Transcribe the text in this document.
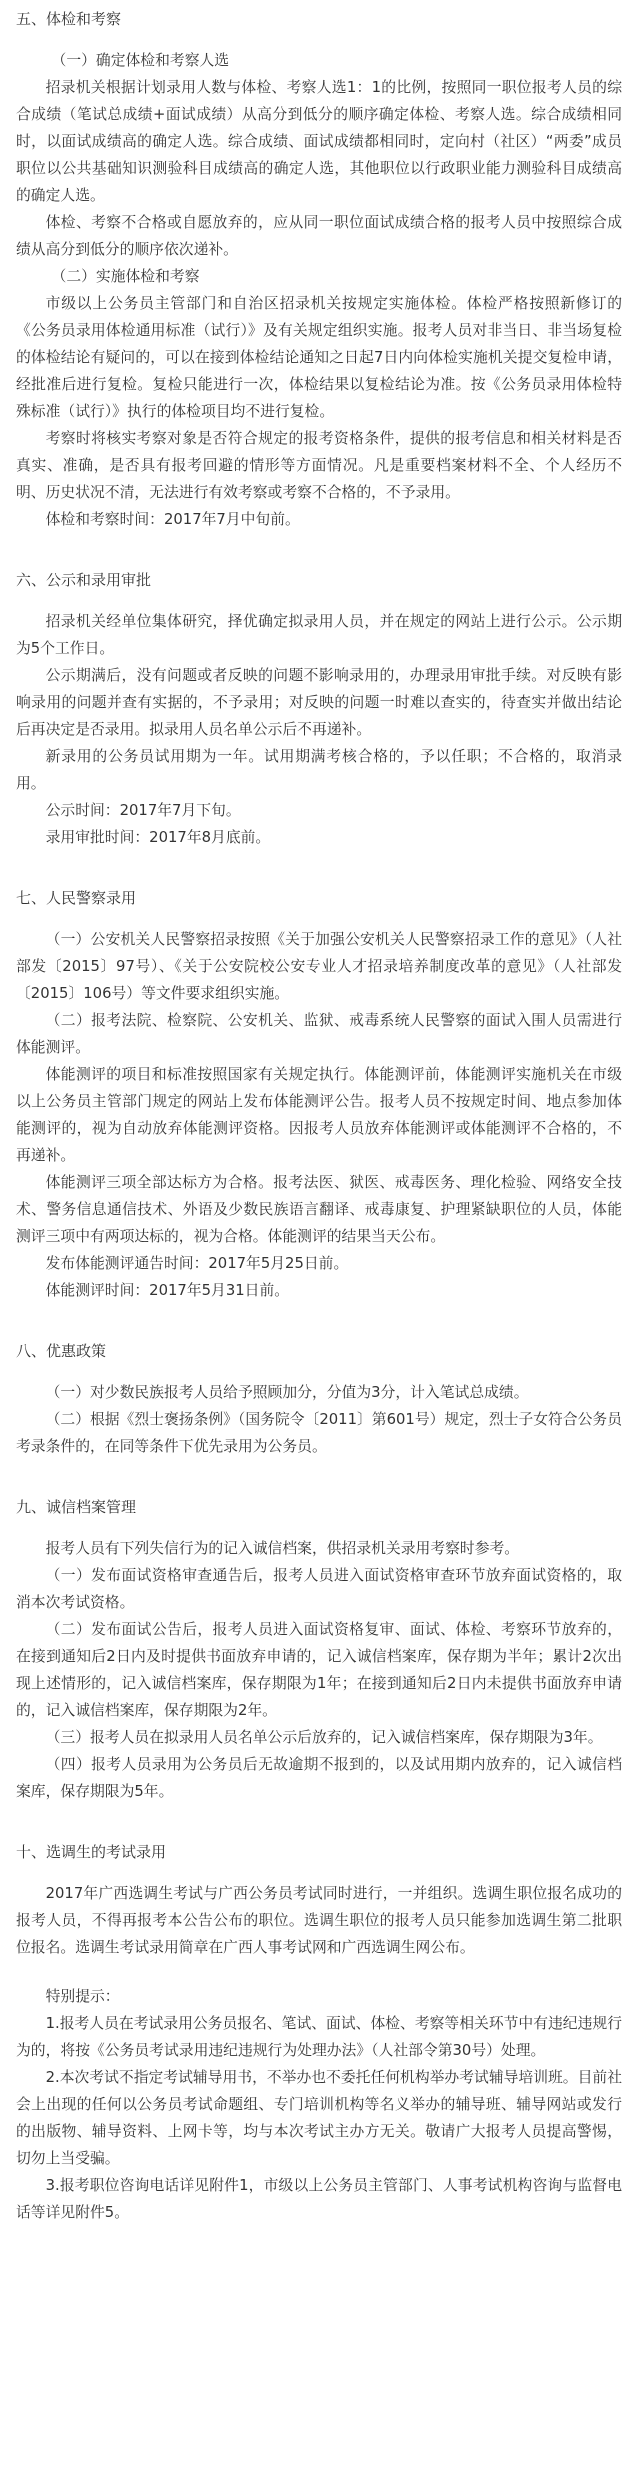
五、体检和考察
（一）确定体检和考察人选
招录机关根据计划录用人数与体检、考察人选1：1的比例，按照同一职位报考人员的综合成绩（笔试总成绩+面试成绩）从高分到低分的顺序确定体检、考察人选。综合成绩相同时，以面试成绩高的确定人选。综合成绩、面试成绩都相同时，定向村（社区）“两委”成员职位以公共基础知识测验科目成绩高的确定人选，其他职位以行政职业能力测验科目成绩高的确定人选。
体检、考察不合格或自愿放弃的，应从同一职位面试成绩合格的报考人员中按照综合成绩从高分到低分的顺序依次递补。
（二）实施体检和考察
市级以上公务员主管部门和自治区招录机关按规定实施体检。体检严格按照新修订的《公务员录用体检通用标准（试行）》及有关规定组织实施。报考人员对非当日、非当场复检的体检结论有疑问的，可以在接到体检结论通知之日起7日内向体检实施机关提交复检申请，经批准后进行复检。复检只能进行一次，体检结果以复检结论为准。按《公务员录用体检特殊标准（试行）》执行的体检项目均不进行复检。
考察时将核实考察对象是否符合规定的报考资格条件，提供的报考信息和相关材料是否真实、准确，是否具有报考回避的情形等方面情况。凡是重要档案材料不全、个人经历不明、历史状况不清，无法进行有效考察或考察不合格的，不予录用。
体检和考察时间：2017年7月中旬前。
六、公示和录用审批
招录机关经单位集体研究，择优确定拟录用人员，并在规定的网站上进行公示。公示期为5个工作日。
公示期满后，没有问题或者反映的问题不影响录用的，办理录用审批手续。对反映有影响录用的问题并查有实据的，不予录用；对反映的问题一时难以查实的，待查实并做出结论后再决定是否录用。拟录用人员名单公示后不再递补。
新录用的公务员试用期为一年。试用期满考核合格的，予以任职；不合格的，取消录用。
公示时间：2017年7月下旬。
录用审批时间：2017年8月底前。
七、人民警察录用
（一）公安机关人民警察招录按照《关于加强公安机关人民警察招录工作的意见》（人社部发〔2015〕97号）、《关于公安院校公安专业人才招录培养制度改革的意见》（人社部发〔2015〕106号）等文件要求组织实施。
（二）报考法院、检察院、公安机关、监狱、戒毒系统人民警察的面试入围人员需进行体能测评。
体能测评的项目和标准按照国家有关规定执行。体能测评前，体能测评实施机关在市级以上公务员主管部门规定的网站上发布体能测评公告。报考人员不按规定时间、地点参加体能测评的，视为自动放弃体能测评资格。因报考人员放弃体能测评或体能测评不合格的，不再递补。
体能测评三项全部达标方为合格。报考法医、狱医、戒毒医务、理化检验、网络安全技术、警务信息通信技术、外语及少数民族语言翻译、戒毒康复、护理紧缺职位的人员，体能测评三项中有两项达标的，视为合格。体能测评的结果当天公布。
发布体能测评通告时间：2017年5月25日前。
体能测评时间：2017年5月31日前。
八、优惠政策
（一）对少数民族报考人员给予照顾加分，分值为3分，计入笔试总成绩。
（二）根据《烈士褒扬条例》（国务院令〔2011〕第601号）规定，烈士子女符合公务员考录条件的，在同等条件下优先录用为公务员。
九、诚信档案管理
报考人员有下列失信行为的记入诚信档案，供招录机关录用考察时参考。
（一）发布面试资格审查通告后，报考人员进入面试资格审查环节放弃面试资格的，取消本次考试资格。
（二）发布面试公告后，报考人员进入面试资格复审、面试、体检、考察环节放弃的，在接到通知后2日内及时提供书面放弃申请的，记入诚信档案库，保存期为半年；累计2次出现上述情形的，记入诚信档案库，保存期限为1年；在接到通知后2日内未提供书面放弃申请的，记入诚信档案库，保存期限为2年。
（三）报考人员在拟录用人员名单公示后放弃的，记入诚信档案库，保存期限为3年。
（四）报考人员录用为公务员后无故逾期不报到的，以及试用期内放弃的，记入诚信档案库，保存期限为5年。
十、选调生的考试录用
2017年广西选调生考试与广西公务员考试同时进行，一并组织。选调生职位报名成功的报考人员，不得再报考本公告公布的职位。选调生职位的报考人员只能参加选调生第二批职位报名。选调生考试录用简章在广西人事考试网和广西选调生网公布。
特别提示：
1.报考人员在考试录用公务员报名、笔试、面试、体检、考察等相关环节中有违纪违规行为的，将按《公务员考试录用违纪违规行为处理办法》（人社部令第30号）处理。
2.本次考试不指定考试辅导用书，不举办也不委托任何机构举办考试辅导培训班。目前社会上出现的任何以公务员考试命题组、专门培训机构等名义举办的辅导班、辅导网站或发行的出版物、辅导资料、上网卡等，均与本次考试主办方无关。敬请广大报考人员提高警惕，切勿上当受骗。
3.报考职位咨询电话详见附件1，市级以上公务员主管部门、人事考试机构咨询与监督电话等详见附件5。
